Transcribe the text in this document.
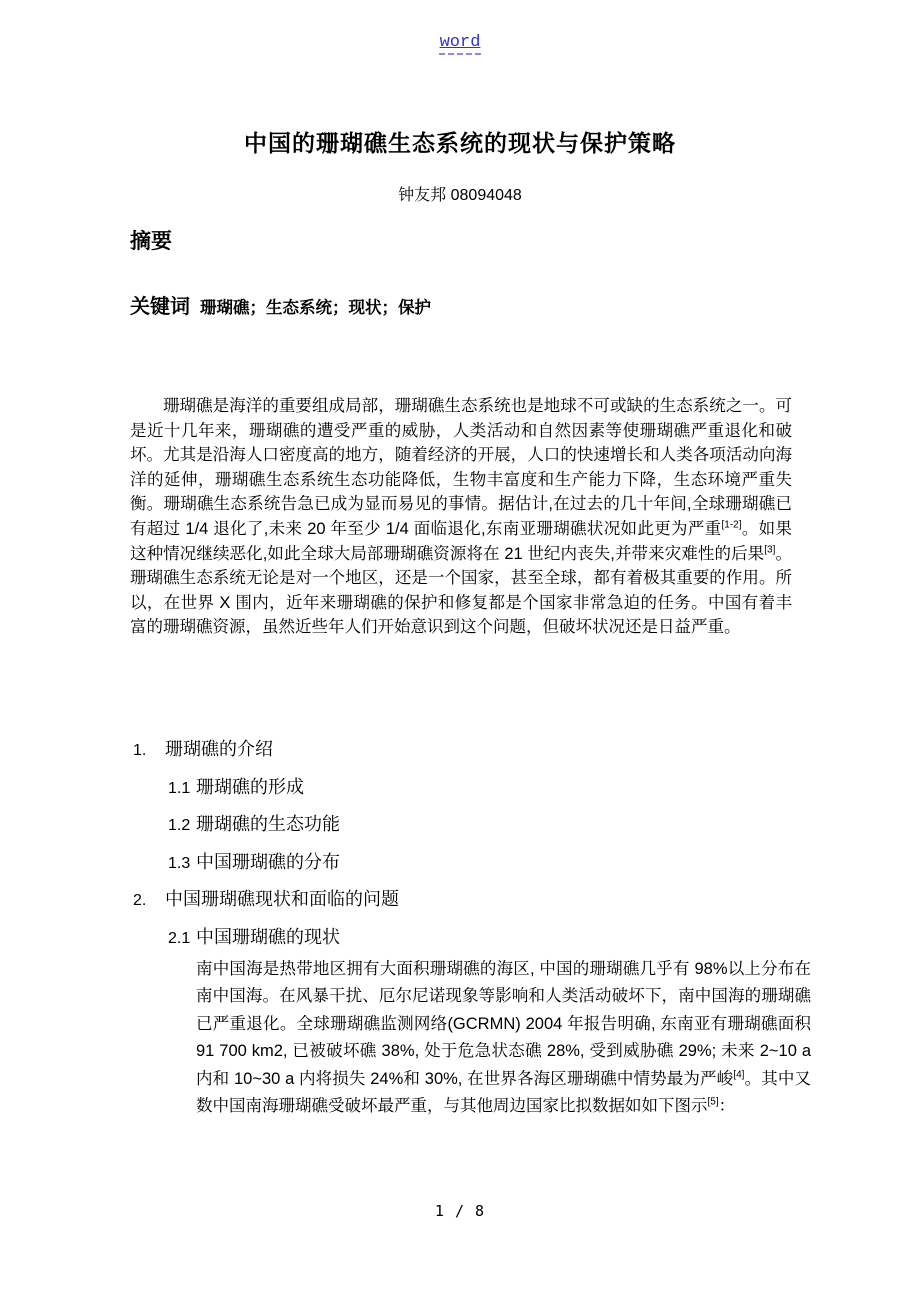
word
中国的珊瑚礁生态系统的现状与保护策略
钟友邦 08094048
摘要
关键词 珊瑚礁；生态系统；现状；保护

珊瑚礁是海洋的重要组成局部，珊瑚礁生态系统也是地球不可或缺的生态系统之一。可是近十几年来，珊瑚礁的遭受严重的威胁，人类活动和自然因素等使珊瑚礁严重退化和破坏。尤其是沿海人口密度高的地方，随着经济的开展，人口的快速增长和人类各项活动向海洋的延伸，珊瑚礁生态系统生态功能降低，生物丰富度和生产能力下降，生态环境严重失衡。珊瑚礁生态系统告急已成为显而易见的事情。据估计,在过去的几十年间,全球珊瑚礁已有超过 1/4 退化了,未来 20 年至少 1/4 面临退化,东南亚珊瑚礁状况如此更为严重[1-2]。如果这种情况继续恶化,如此全球大局部珊瑚礁资源将在 21 世纪内丧失,并带来灾难性的后果[3]。珊瑚礁生态系统无论是对一个地区，还是一个国家，甚至全球，都有着极其重要的作用。所以，在世界 X 围内，近年来珊瑚礁的保护和修复都是个国家非常急迫的任务。中国有着丰富的珊瑚礁资源，虽然近些年人们开始意识到这个问题，但破坏状况还是日益严重。

1. 珊瑚礁的介绍
1.1 珊瑚礁的形成
1.2 珊瑚礁的生态功能
1.3 中国珊瑚礁的分布
2. 中国珊瑚礁现状和面临的问题
2.1 中国珊瑚礁的现状

南中国海是热带地区拥有大面积珊瑚礁的海区, 中国的珊瑚礁几乎有 98%以上分布在南中国海。在风暴干扰、厄尔尼诺现象等影响和人类活动破坏下，南中国海的珊瑚礁已严重退化。全球珊瑚礁监测网络(GCRMN) 2004 年报告明确, 东南亚有珊瑚礁面积 91 700 km2, 已被破坏礁 38%, 处于危急状态礁 28%, 受到威胁礁 29%; 未来 2~10 a 内和 10~30 a 内将损失 24%和 30%, 在世界各海区珊瑚礁中情势最为严峻[4]。其中又数中国南海珊瑚礁受破坏最严重，与其他周边国家比拟数据如如下图示[5]：

1 / 8
